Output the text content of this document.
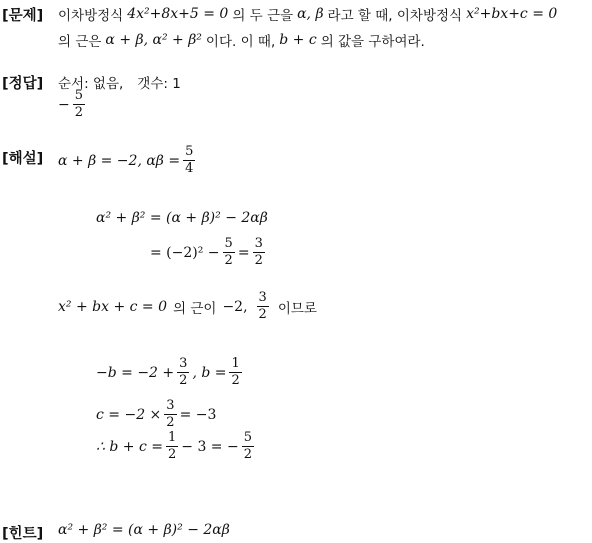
[문제] 이차방정식 4x²+8x+5 = 0 의 두 근을 α, β 라고 할 때, 이차방정식 x²+bx+c = 0
의 근은 α + β, α² + β² 이다. 이 때, b + c 의 값을 구하여라.
[정답] 순서: 없음, 갯수: 1
− $\frac{5}{2}$
[해설] α + β = −2, $\alpha\beta = \frac{5}{4}$
α² + β² = (α + β)² − 2αβ
= $(-2)^2 - \frac{5}{2} = \frac{3}{2}$
x² + bx + c = 0 의 근이 −2, $\frac{3}{2}$ 이므로
$-b = -2 + \frac{3}{2}$ , $b = \frac{1}{2}$
$c = -2 \times \frac{3}{2} = -3$
∴ $b + c = \frac{1}{2} - 3$ = − $\frac{5}{2}$
[힌트] α² + β² = (α + β)² − 2αβ
